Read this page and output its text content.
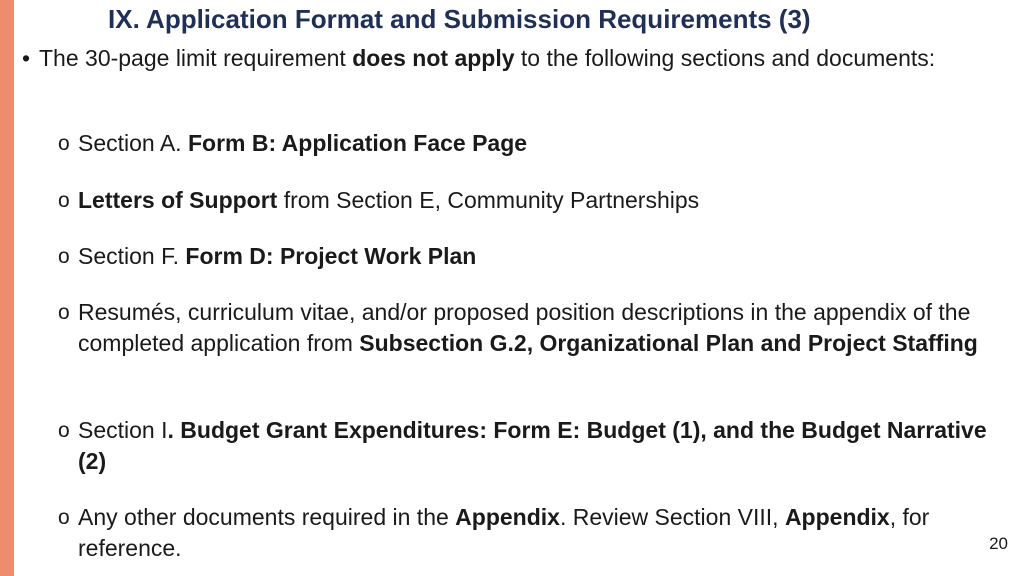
IX. Application Format and Submission Requirements (3)
• The 30-page limit requirement does not apply to the following sections and documents:
o Section A. Form B: Application Face Page
o Letters of Support from Section E, Community Partnerships
o Section F. Form D: Project Work Plan
o Resumés, curriculum vitae, and/or proposed position descriptions in the appendix of the completed application from Subsection G.2, Organizational Plan and Project Staffing
o Section I. Budget Grant Expenditures: Form E: Budget (1), and the Budget Narrative (2)
o Any other documents required in the Appendix. Review Section VIII, Appendix, for reference.	20
